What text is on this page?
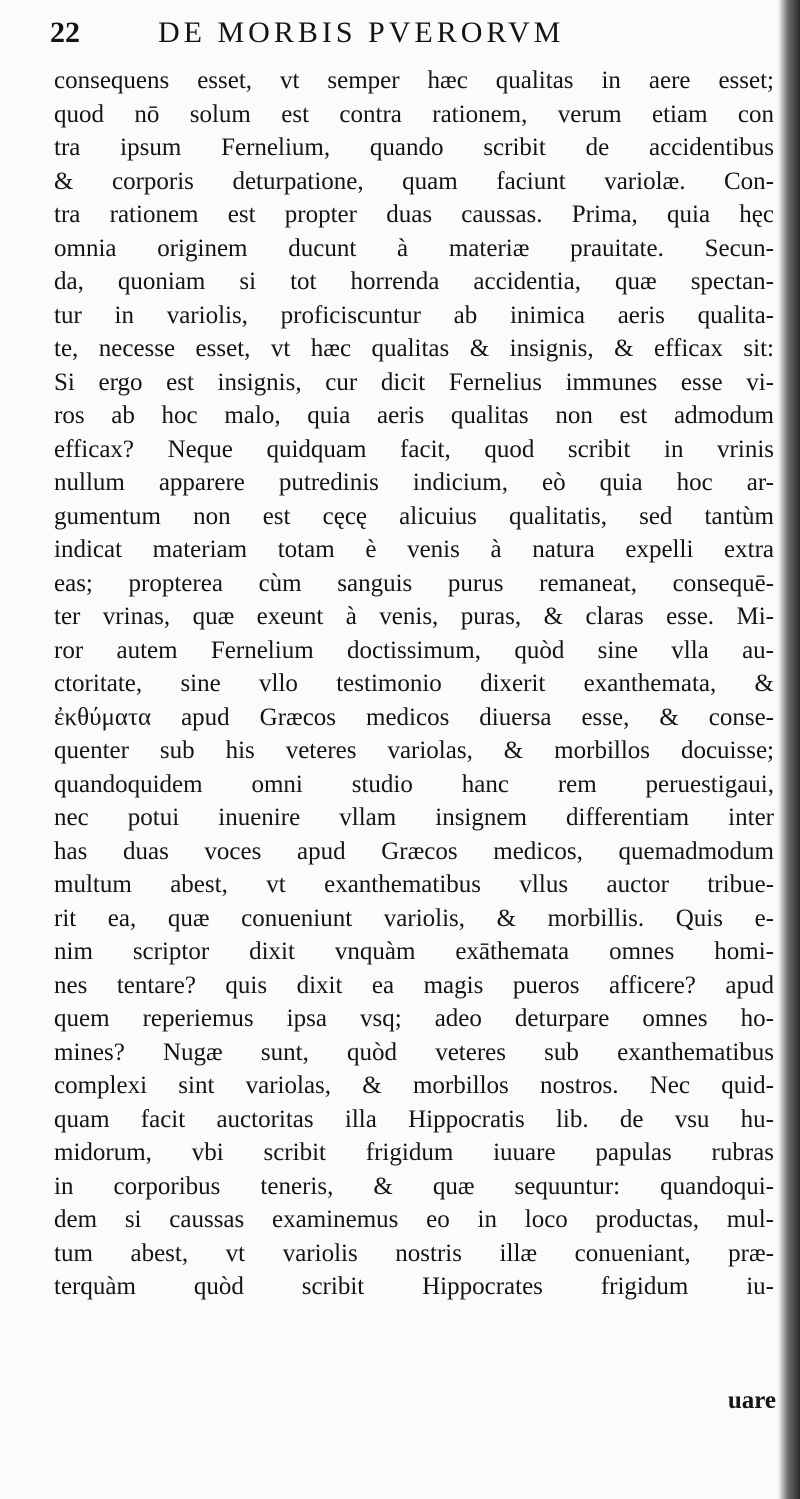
22	DE MORBIS PVERORVM
consequens esset, vt semper hæc qualitas in aere esset;
quod nō solum est contra rationem, verum etiam con
tra ipsum Fernelium, quando scribit de accidentibus
& corporis deturpatione, quam faciunt variolæ. Con-
tra rationem est propter duas caussas. Prima, quia hęc
omnia originem ducunt à materiæ prauitate. Secun-
da, quoniam si tot horrenda accidentia, quæ spectan-
tur in variolis, proficiscuntur ab inimica aeris qualita-
te, necesse esset, vt hæc qualitas & insignis, & efficax sit:
Si ergo est insignis, cur dicit Fernelius immunes esse vi-
ros ab hoc malo, quia aeris qualitas non est admodum
efficax? Neque quidquam facit, quod scribit in vrinis
nullum apparere putredinis indicium, eò quia hoc ar-
gumentum non est cęcę alicuius qualitatis, sed tantùm
indicat materiam totam è venis à natura expelli extra
eas; propterea cùm sanguis purus remaneat, consequē-
ter vrinas, quæ exeunt à venis, puras, & claras esse. Mi-
ror autem Fernelium doctissimum, quòd sine vlla au-
ctoritate, sine vllo testimonio dixerit exanthemata, &
ἐκθύματα apud Græcos medicos diuersa esse, & conse-
quenter sub his veteres variolas, & morbillos docuisse;
quandoquidem omni studio hanc rem peruestigaui,
nec potui inuenire vllam insignem differentiam inter
has duas voces apud Græcos medicos, quemadmodum
multum abest, vt exanthematibus vllus auctor tribue-
rit ea, quæ conueniunt variolis, & morbillis. Quis e-
nim scriptor dixit vnquàm exāthemata omnes homi-
nes tentare? quis dixit ea magis pueros afficere? apud
quem reperiemus ipsa vsq; adeo deturpare omnes ho-
mines? Nugæ sunt, quòd veteres sub exanthematibus
complexi sint variolas, & morbillos nostros. Nec quid-
quam facit auctoritas illa Hippocratis lib. de vsu hu-
midorum, vbi scribit frigidum iuuare papulas rubras
in corporibus teneris, & quæ sequuntur: quandoqui-
dem si caussas examinemus eo in loco productas, mul-
tum abest, vt variolis nostris illæ conueniant, præ-
terquàm quòd scribit Hippocrates frigidum iu-
uare
